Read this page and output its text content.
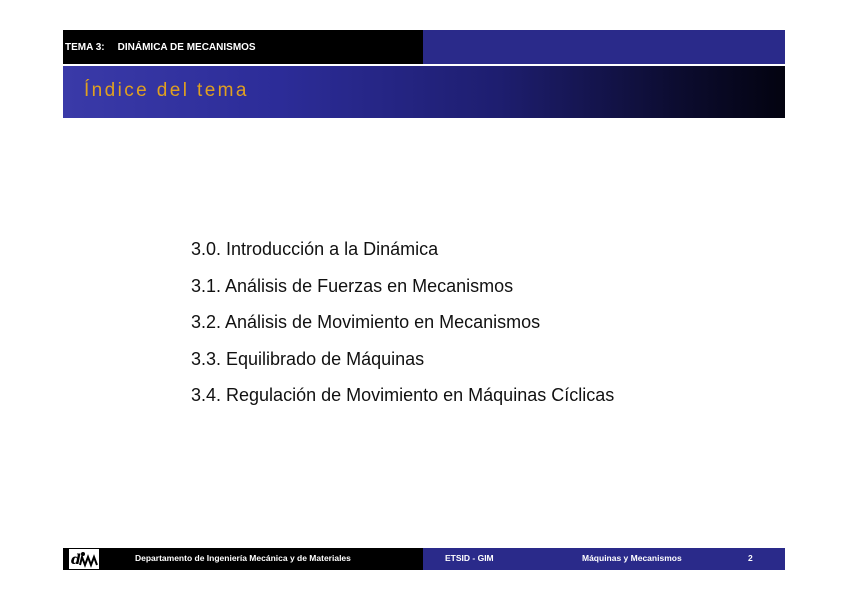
TEMA 3: DINÁMICA DE MECANISMOS
Índice del tema
3.0. Introducción a la Dinámica
3.1. Análisis de Fuerzas en Mecanismos
3.2. Análisis de Movimiento en Mecanismos
3.3. Equilibrado de Máquinas
3.4. Regulación de Movimiento en Máquinas Cíclicas
d	Departamento de Ingeniería Mecánica y de Materiales	ETSID - GIM	Máquinas y Mecanismos	2
